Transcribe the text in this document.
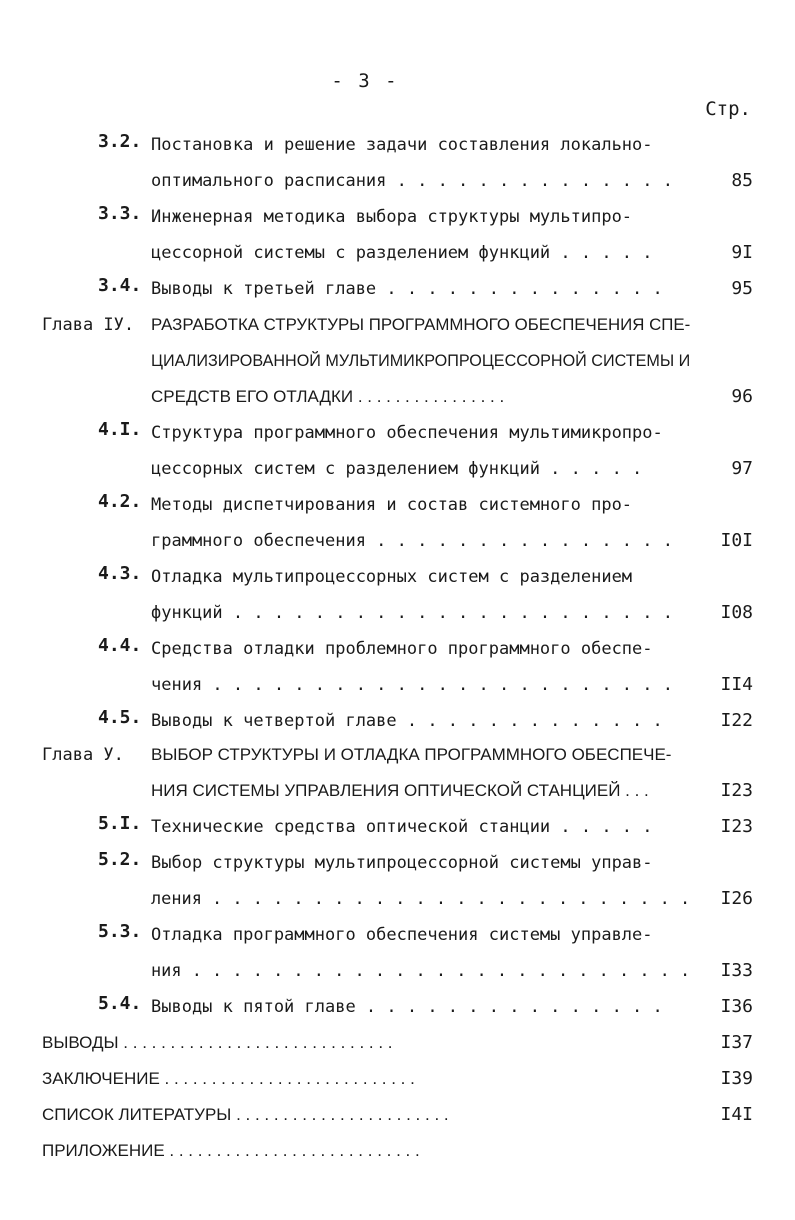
- 3 -
Стр.
3.2. Постановка и решение задачи составления локально-
оптимального расписания . . . . . . . . . . . . . .	85
3.3. Инженерная методика выбора структуры мультипро-
цессорной системы с разделением функций . . . . .	9I
3.4. Выводы к третьей главе . . . . . . . . . . . . . .	95
Глава IУ. РАЗРАБОТКА СТРУКТУРЫ ПРОГРАММНОГО ОБЕСПЕЧЕНИЯ СПЕ-
ЦИАЛИЗИРОВАННОЙ МУЛЬТИМИКРОПРОЦЕССОРНОЙ СИСТЕМЫ И
СРЕДСТВ ЕГО ОТЛАДКИ . . . . . . . . . . . . . . . .	96
4.I. Структура программного обеспечения мультимикропро-
цессорных систем с разделением функций . . . . .	97
4.2. Методы диспетчирования и состав системного про-
граммного обеспечения . . . . . . . . . . . . . . .	I0I
4.3. Отладка мультипроцессорных систем с разделением
функций . . . . . . . . . . . . . . . . . . . . . .	I08
4.4. Средства отладки проблемного программного обеспе-
чения . . . . . . . . . . . . . . . . . . . . . . .	II4
4.5. Выводы к четвертой главе . . . . . . . . . . . . .	I22
Глава У. ВЫБОР СТРУКТУРЫ И ОТЛАДКА ПРОГРАММНОГО ОБЕСПЕЧЕ-
НИЯ СИСТЕМЫ УПРАВЛЕНИЯ ОПТИЧЕСКОЙ СТАНЦИЕЙ . . .	I23
5.I. Технические средства оптической станции . . . . .	I23
5.2. Выбор структуры мультипроцессорной системы управ-
ления . . . . . . . . . . . . . . . . . . . . . . . . I26
5.3. Отладка программного обеспечения системы управле-
ния . . . . . . . . . . . . . . . . . . . . . . . . . I33
5.4. Выводы к пятой главе . . . . . . . . . . . . . . .	I36
ВЫВОДЫ . . . . . . . . . . . . . . . . . . . . . . . . . . . . .	I37
ЗАКЛЮЧЕНИЕ . . . . . . . . . . . . . . . . . . . . . . . . . . .	I39
СПИСОК ЛИТЕРАТУРЫ . . . . . . . . . . . . . . . . . . . . . . .	I4I
ПРИЛОЖЕНИЕ . . . . . . . . . . . . . . . . . . . . . . . . . . .
